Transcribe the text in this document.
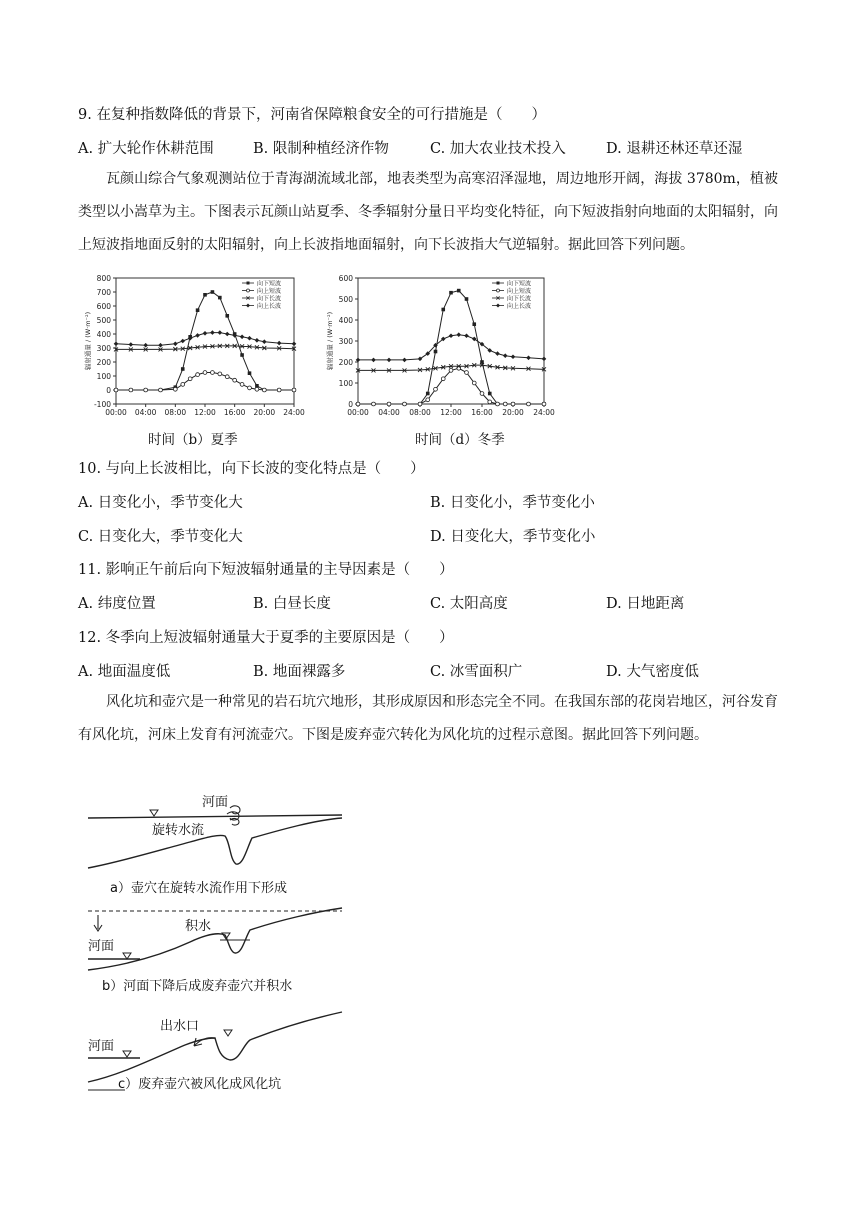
9. 在复种指数降低的背景下，河南省保障粮食安全的可行措施是（　　）
A. 扩大轮作休耕范围	B. 限制种植经济作物	C. 加大农业技术投入	D. 退耕还林还草还湿
瓦颜山综合气象观测站位于青海湖流域北部，地表类型为高寒沼泽湿地，周边地形开阔，海拔 3780m，植被类型以小嵩草为主。下图表示瓦颜山站夏季、冬季辐射分量日平均变化特征，向下短波指射向地面的太阳辐射，向上短波指地面反射的太阳辐射，向上长波指地面辐射，向下长波指大气逆辐射。据此回答下列问题。
-100
0
100
200
300
400
500
600
700
800
00:00 04:00 08:00 12:00 16:00 20:00 24:00
辐射通量 / (W·m⁻²)
向下短波
向上短波
向下长波
向上长波
0
100
200
300
400
500
600
00:00 04:00 08:00 12:00 16:00 20:00 24:00
辐射通量 / (W·m⁻²)
向下短波
向上短波
向下长波
向上长波
时间（b）夏季	时间（d）冬季
10. 与向上长波相比，向下长波的变化特点是（　　）
A. 日变化小，季节变化大	B. 日变化小，季节变化小
C. 日变化大，季节变化大	D. 日变化大，季节变化小
11. 影响正午前后向下短波辐射通量的主导因素是（　　）
A. 纬度位置	B. 白昼长度	C. 太阳高度	D. 日地距离
12. 冬季向上短波辐射通量大于夏季的主要原因是（　　）
A. 地面温度低	B. 地面裸露多	C. 冰雪面积广	D. 大气密度低
风化坑和壶穴是一种常见的岩石坑穴地形，其形成原因和形态完全不同。在我国东部的花岗岩地区，河谷发育有风化坑，河床上发育有河流壶穴。下图是废弃壶穴转化为风化坑的过程示意图。据此回答下列问题。
河面
旋转水流
a）壶穴在旋转水流作用下形成
积水
河面
b）河面下降后成废弃壶穴并积水
出水口
河面
c）废弃壶穴被风化成风化坑
